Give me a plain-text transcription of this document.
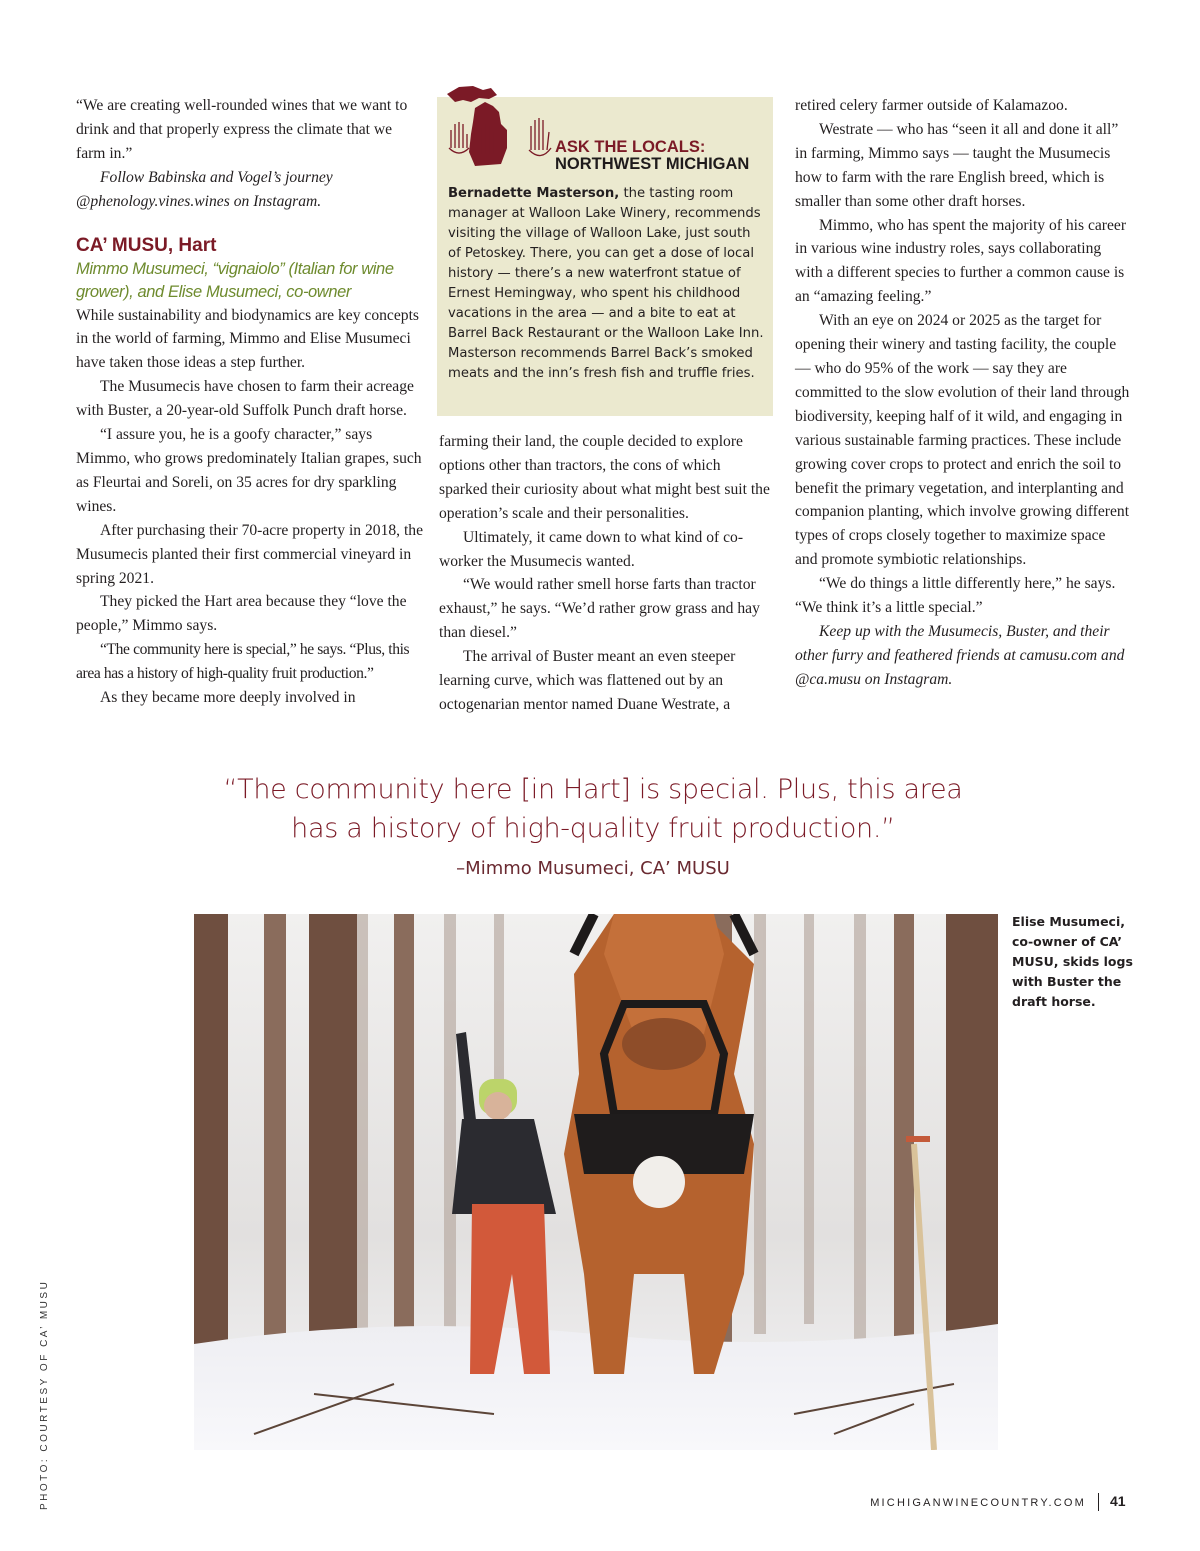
“We are creating well-rounded wines that we want to drink and that properly express the climate that we farm in.”

Follow Babinska and Vogel’s journey @phenology.vines.wines on Instagram.

CA’ MUSU, Hart
Mimmo Musumeci, “vignaiolo” (Italian for wine grower), and Elise Musumeci, co-owner

While sustainability and biodynamics are key concepts in the world of farming, Mimmo and Elise Musumeci have taken those ideas a step further.

The Musumecis have chosen to farm their acreage with Buster, a 20-year-old Suffolk Punch draft horse.

“I assure you, he is a goofy character,” says Mimmo, who grows predominately Italian grapes, such as Fleurtai and Soreli, on 35 acres for dry sparkling wines.

After purchasing their 70-acre property in 2018, the Musumecis planted their first commercial vineyard in spring 2021.

They picked the Hart area because they “love the people,” Mimmo says.

“The community here is special,” he says. “Plus, this area has a history of high-quality fruit production.”

As they became more deeply involved in

ASK THE LOCALS:
NORTHWEST MICHIGAN
Bernadette Masterson, the tasting room manager at Walloon Lake Winery, recommends visiting the village of Walloon Lake, just south of Petoskey. There, you can get a dose of local history — there’s a new waterfront statue of Ernest Hemingway, who spent his childhood vacations in the area — and a bite to eat at Barrel Back Restaurant or the Walloon Lake Inn. Masterson recommends Barrel Back’s smoked meats and the inn’s fresh fish and truffle fries.

farming their land, the couple decided to explore options other than tractors, the cons of which sparked their curiosity about what might best suit the operation’s scale and their personalities.

Ultimately, it came down to what kind of co-worker the Musumecis wanted.

“We would rather smell horse farts than tractor exhaust,” he says. “We’d rather grow grass and hay than diesel.”

The arrival of Buster meant an even steeper learning curve, which was flattened out by an octogenarian mentor named Duane Westrate, a

retired celery farmer outside of Kalamazoo.

Westrate — who has “seen it all and done it all” in farming, Mimmo says — taught the Musumecis how to farm with the rare English breed, which is smaller than some other draft horses.

Mimmo, who has spent the majority of his career in various wine industry roles, says collaborating with a different species to further a common cause is an “amazing feeling.”

With an eye on 2024 or 2025 as the target for opening their winery and tasting facility, the couple — who do 95% of the work — say they are committed to the slow evolution of their land through biodiversity, keeping half of it wild, and engaging in various sustainable farming practices. These include growing cover crops to protect and enrich the soil to benefit the primary vegetation, and interplanting and companion planting, which involve growing different types of crops closely together to maximize space and promote symbiotic relationships.

“We do things a little differently here,” he says. “We think it’s a little special.”

Keep up with the Musumecis, Buster, and their other furry and feathered friends at camusu.com and @ca.musu on Instagram.

“The community here [in Hart] is special. Plus, this area
has a history of high-quality fruit production.”
–Mimmo Musumeci, CA’ MUSU
Elise Musumeci, co-owner of CA’ MUSU, skids logs with Buster the draft horse.
PHOTO: COURTESY OF CA’ MUSU	MICHIGANWINECOUNTRY.COM 41
